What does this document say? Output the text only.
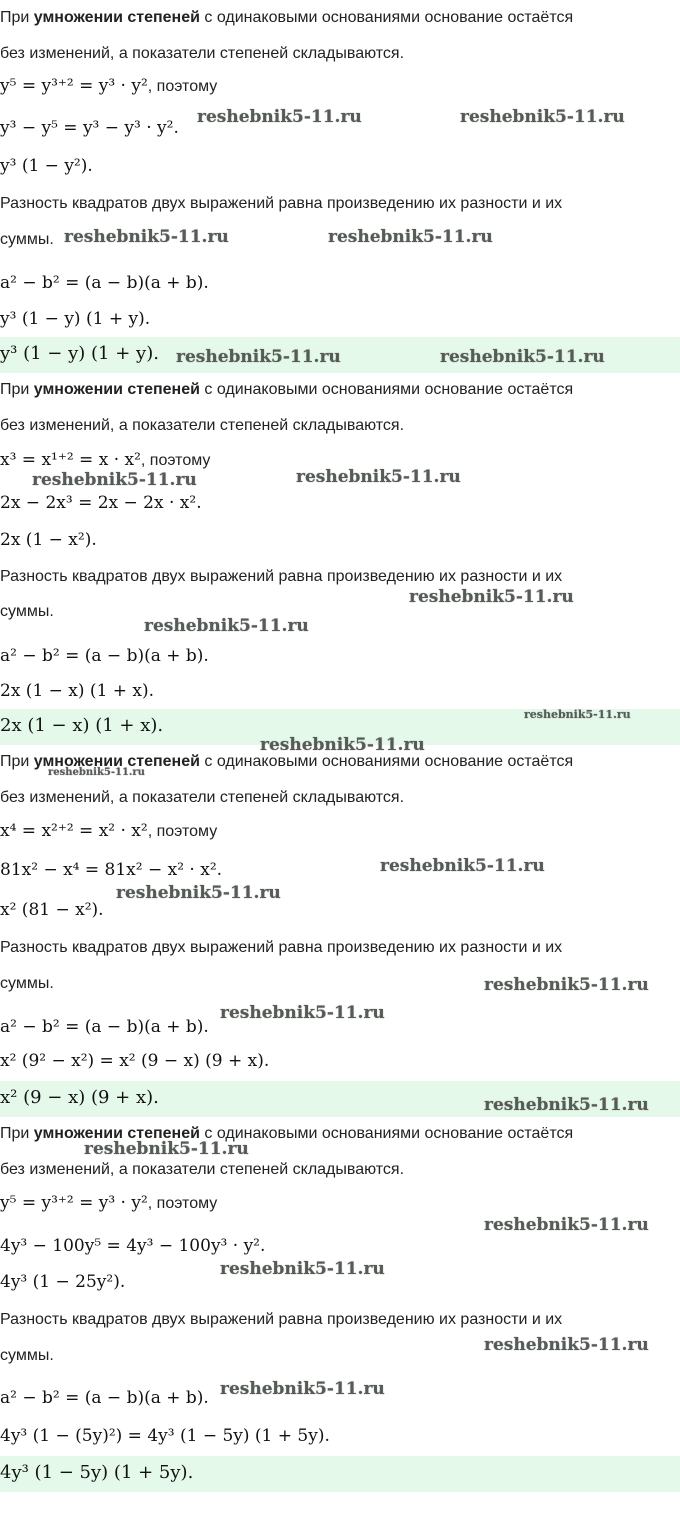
При умножении степеней с одинаковыми основаниями основание остаётся
без изменений, а показатели степеней складываются.
y⁵ = y³⁺² = y³ · y², поэтому
y³ − y⁵ = y³ − y³ · y².
y³ (1 − y²).
Разность квадратов двух выражений равна произведению их разности и их
суммы.
a² − b² = (a − b)(a + b).
y³ (1 − y) (1 + y).
y³ (1 − y) (1 + y).
При умножении степеней с одинаковыми основаниями основание остаётся
без изменений, а показатели степеней складываются.
x³ = x¹⁺² = x · x², поэтому
2x − 2x³ = 2x − 2x · x².
2x (1 − x²).
Разность квадратов двух выражений равна произведению их разности и их
суммы.
a² − b² = (a − b)(a + b).
2x (1 − x) (1 + x).
2x (1 − x) (1 + x).
При умножении степеней с одинаковыми основаниями основание остаётся
без изменений, а показатели степеней складываются.
x⁴ = x²⁺² = x² · x², поэтому
81x² − x⁴ = 81x² − x² · x².
x² (81 − x²).
Разность квадратов двух выражений равна произведению их разности и их
суммы.
a² − b² = (a − b)(a + b).
x² (9² − x²) = x² (9 − x) (9 + x).
x² (9 − x) (9 + x).
При умножении степеней с одинаковыми основаниями основание остаётся
без изменений, а показатели степеней складываются.
y⁵ = y³⁺² = y³ · y², поэтому
4y³ − 100y⁵ = 4y³ − 100y³ · y².
4y³ (1 − 25y²).
Разность квадратов двух выражений равна произведению их разности и их
суммы.
a² − b² = (a − b)(a + b).
4y³ (1 − (5y)²) = 4y³ (1 − 5y) (1 + 5y).
4y³ (1 − 5y) (1 + 5y).
reshebnik5-11.ru	reshebnik5-11.ru
reshebnik5-11.ru	reshebnik5-11.ru
reshebnik5-11.ru	reshebnik5-11.ru
reshebnik5-11.ru	reshebnik5-11.ru
reshebnik5-11.ru
reshebnik5-11.ru
reshebnik5-11.ru
reshebnik5-11.ru
reshebnik5-11.ru
reshebnik5-11.ru
reshebnik5-11.ru
reshebnik5-11.ru
reshebnik5-11.ru
reshebnik5-11.ru
reshebnik5-11.ru
reshebnik5-11.ru
reshebnik5-11.ru
reshebnik5-11.ru
reshebnik5-11.ru
